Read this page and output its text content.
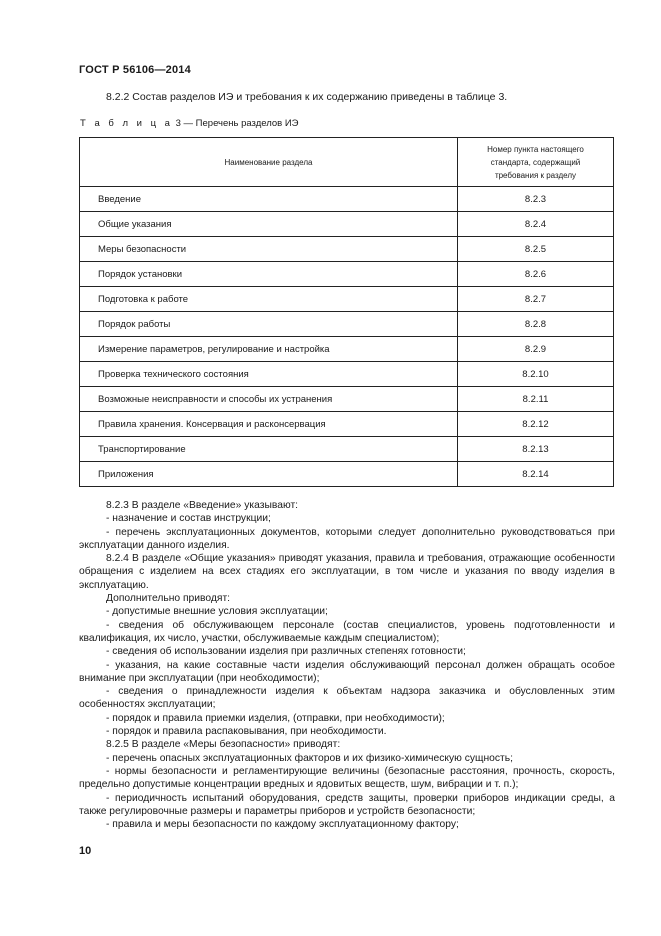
ГОСТ Р 56106—2014
8.2.2 Состав разделов ИЭ и требования к их содержанию приведены в таблице 3.
Т а б л и ц а 3 — Перечень разделов ИЭ
Наименование раздела	Номер пункта настоящего
стандарта, содержащий
требования к разделу

Введение	8.2.3
Общие указания	8.2.4
Меры безопасности	8.2.5
Порядок установки	8.2.6
Подготовка к работе	8.2.7
Порядок работы	8.2.8
Измерение параметров, регулирование и настройка	8.2.9
Проверка технического состояния	8.2.10
Возможные неисправности и способы их устранения	8.2.11
Правила хранения. Консервация и расконсервация	8.2.12
Транспортирование	8.2.13
Приложения	8.2.14

8.2.3 В разделе «Введение» указывают:

- назначение и состав инструкции;

- перечень эксплуатационных документов, которыми следует дополнительно руководствоваться при эксплуатации данного изделия.

8.2.4 В разделе «Общие указания» приводят указания, правила и требования, отражающие особенности обращения с изделием на всех стадиях его эксплуатации, в том числе и указания по вводу изделия в эксплуатацию.

Дополнительно приводят:

- допустимые внешние условия эксплуатации;

- сведения об обслуживающем персонале (состав специалистов, уровень подготовленности и квалификация, их число, участки, обслуживаемые каждым специалистом);

- сведения об использовании изделия при различных степенях готовности;

- указания, на какие составные части изделия обслуживающий персонал должен обращать особое внимание при эксплуатации (при необходимости);

- сведения о принадлежности изделия к объектам надзора заказчика и обусловленных этим особенностях эксплуатации;

- порядок и правила приемки изделия, (отправки, при необходимости);

- порядок и правила распаковывания, при необходимости.

8.2.5 В разделе «Меры безопасности» приводят:

- перечень опасных эксплуатационных факторов и их физико-химическую сущность;

- нормы безопасности и регламентирующие величины (безопасные расстояния, прочность, скорость, предельно допустимые концентрации вредных и ядовитых веществ, шум, вибрации и т. п.);

- периодичность испытаний оборудования, средств защиты, проверки приборов индикации среды, а также регулировочные размеры и параметры приборов и устройств безопасности;

- правила и меры безопасности по каждому эксплуатационному фактору;

10
